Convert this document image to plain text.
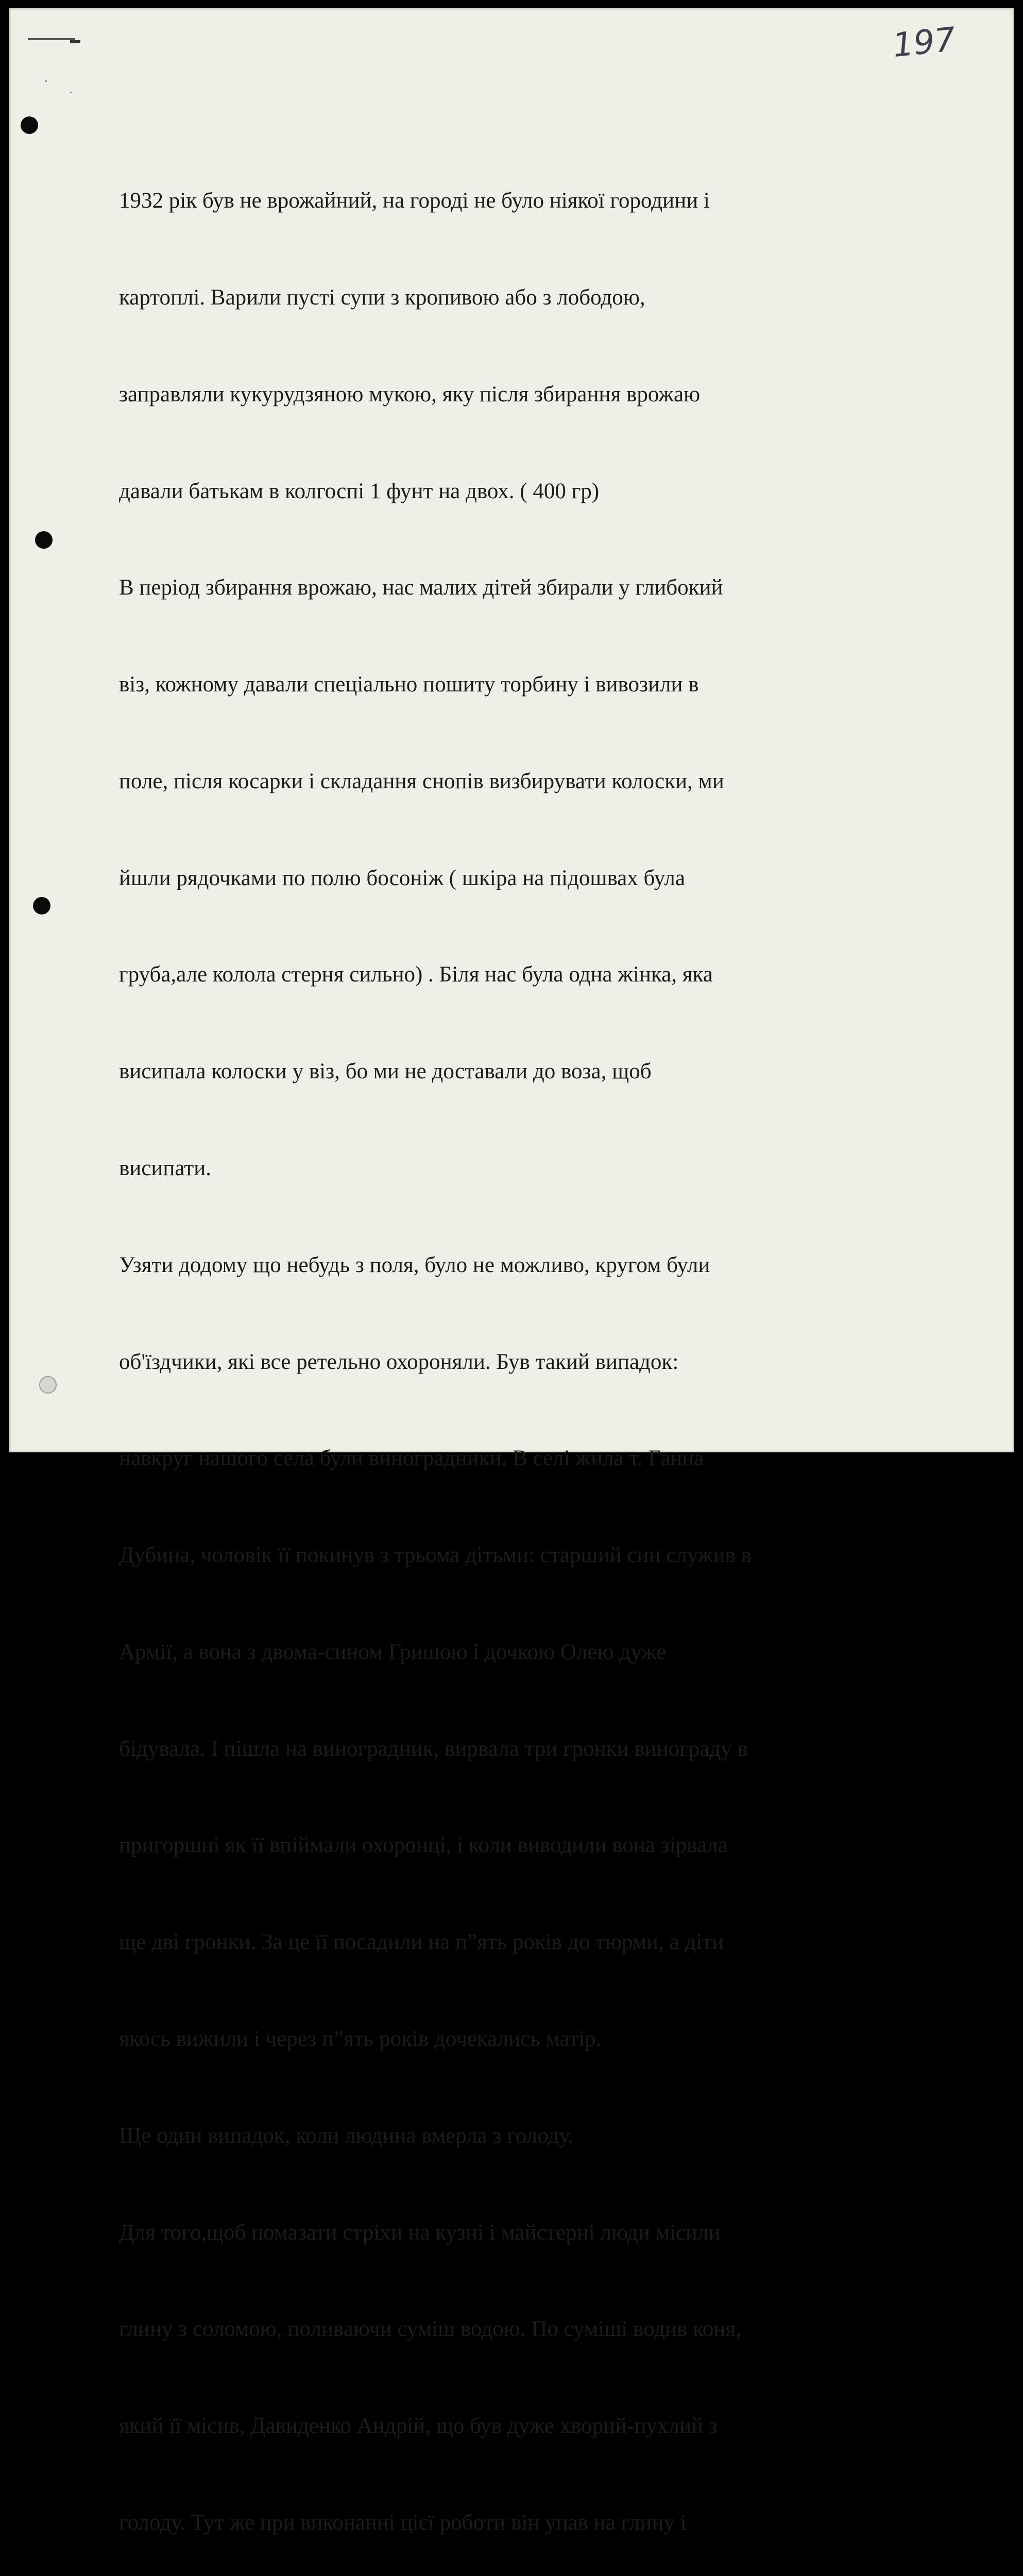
197

1932 рік був не врожайний, на городі не було ніякої городини і

картоплі. Варили пусті супи з кропивою або з лободою,

заправляли кукурудзяною мукою, яку після збирання врожаю

давали батькам в колгоспі 1 фунт на двох. ( 400 гр)

В період збирання врожаю, нас малих дітей збирали у глибокий

віз, кожному давали спеціально пошиту торбину і вивозили в

поле, після косарки і складання снопів визбирувати колоски, ми

йшли рядочками по полю босоніж ( шкіра на підошвах була

груба,але колола стерня сильно) . Біля нас була одна жінка, яка

висипала колоски у віз, бо ми не доставали до воза, щоб

висипати.

Узяти додому що небудь з поля, було не можливо, кругом були

об'їздчики, які все ретельно охороняли. Був такий випадок:

навкруг нашого села були виноградники. В селі жила т. Ганна

Дубина, чоловік її покинув з трьома дітьми: старший син служив в

Армії, а вона з двома-сином Гришою і дочкою Олею дуже

бідувала. І пішла на виноградник, вирвала три гронки винограду в

пригоршні як її впіймали охоронці, і коли виводили вона зірвала

ще дві гронки. За це її посадили на п”ять років до тюрми, а діти

якось вижили і через п”ять років дочекались матір.

Ще один випадок, коли людина вмерла з голоду.

Для того,щоб помазати стріхи на кузні і майстерні люди місили

глину з соломою, поливаючи суміш водою. По суміші водив коня,

який її місив, Давиденко Андрій, що був дуже хворий-пухлий з

голоду. Тут же при виконанні цієї роботи він упав на глину і
